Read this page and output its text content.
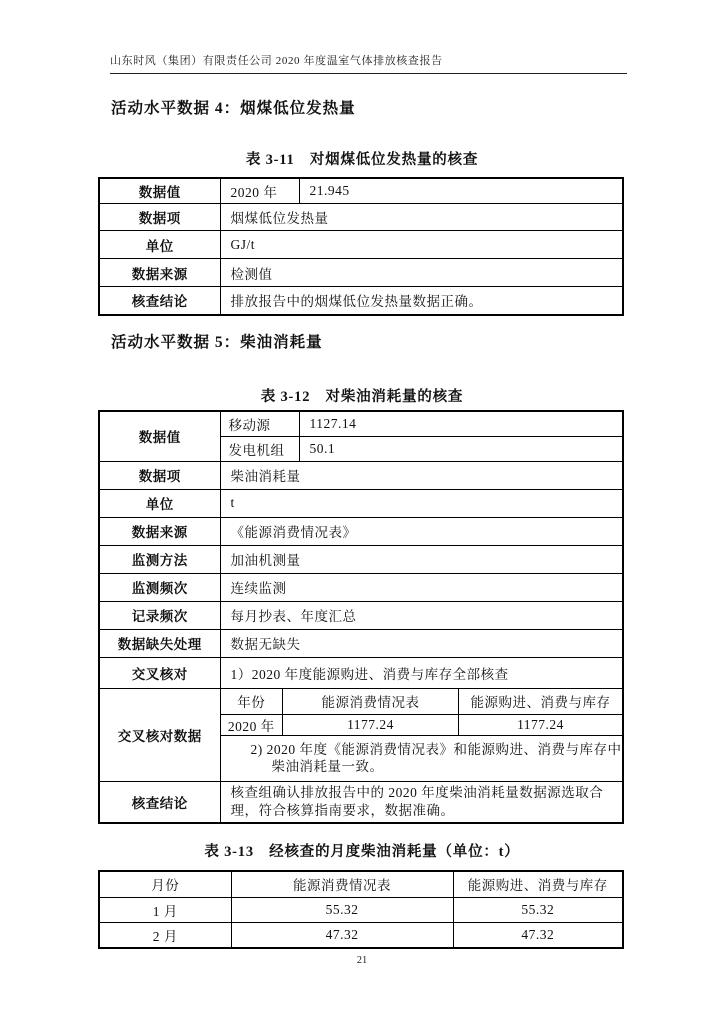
山东时风（集团）有限责任公司 2020 年度温室气体排放核查报告
活动水平数据 4：烟煤低位发热量
表 3-11　对烟煤低位发热量的核查
数据值	2020 年	21.945
数据项	烟煤低位发热量	
单位	GJ/t	
数据来源	检测值	
核查结论	排放报告中的烟煤低位发热量数据正确。	
活动水平数据 5：柴油消耗量
表 3-12　对柴油消耗量的核查
数据值	移动源	1127.14
发电机组	50.1
数据项	柴油消耗量
单位	t
数据来源	《能源消费情况表》
监测方法	加油机测量
监测频次	连续监测
记录频次	每月抄表、年度汇总
数据缺失处理	数据无缺失
交叉核对	1）2020 年度能源购进、消费与库存全部核查
交叉核对数据	
年份	能源消费情况表	能源购进、消费与库存
2020 年	1177.24	1177.24
2) 2020 年度《能源消费情况表》和能源购进、消费与库存中
柴油消耗量一致。

核查结论	核查组确认排放报告中的 2020 年度柴油消耗量数据源选取合理，符合核算指南要求，数据准确。
表 3-13　经核查的月度柴油消耗量（单位：t）
月份	能源消费情况表	能源购进、消费与库存
1 月	55.32	55.32
2 月	47.32	47.32
21
